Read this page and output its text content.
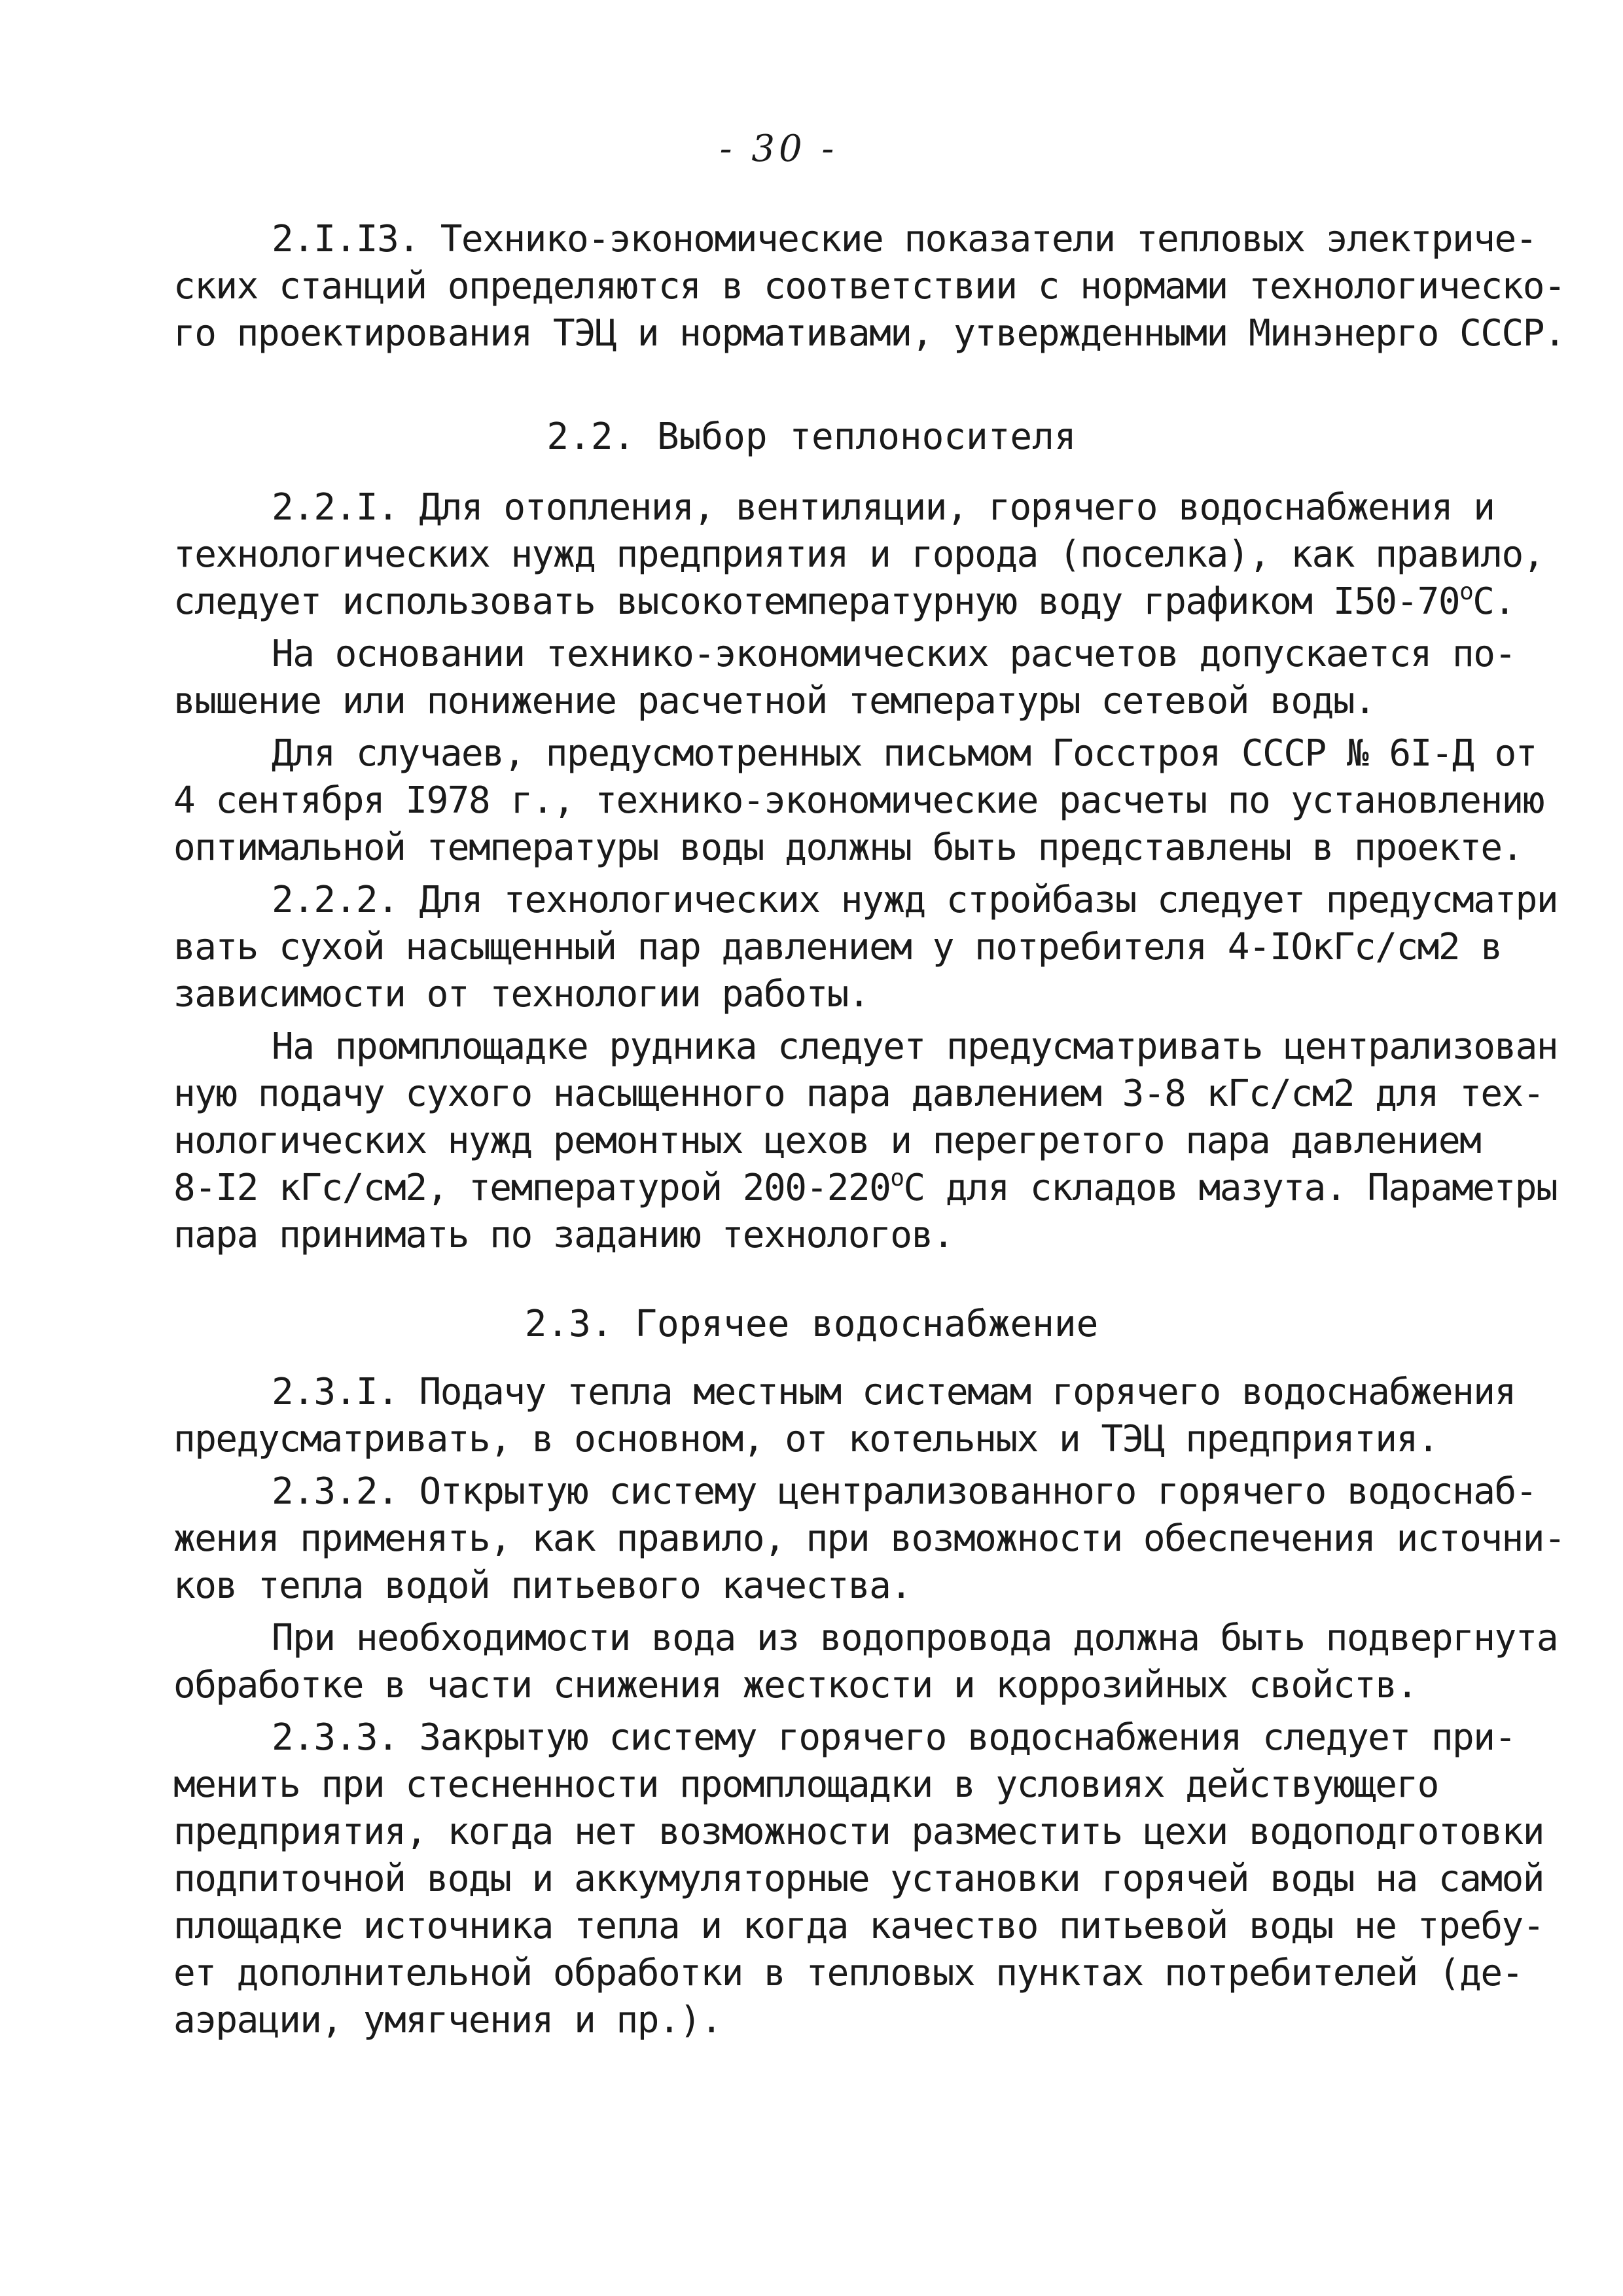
- 30 -
2.I.I3. Технико-экономические показатели тепловых электриче-
ских станций определяются в соответствии с нормами технологическо-
го проектирования ТЭЦ и нормативами, утвержденными Минэнерго СССР.
2.2. Выбор теплоносителя
2.2.I. Для отопления, вентиляции, горячего водоснабжения и
технологических нужд предприятия и города (поселка), как правило,
следует использовать высокотемпературную воду графиком $I50-70^оС$.
На основании технико-экономических расчетов допускается по-
вышение или понижение расчетной температуры сетевой воды.
Для случаев, предусмотренных письмом Госстроя СССР № 6I-Д от
4 сентября I978 г., технико-экономические расчеты по установлению
оптимальной температуры воды должны быть представлены в проекте.
2.2.2. Для технологических нужд стройбазы следует предусматри
вать сухой насыщенный пар давлением у потребителя 4-IOкГс/см2 в
зависимости от технологии работы.
На промплощадке рудника следует предусматривать централизован
ную подачу сухого насыщенного пара давлением 3-8 кГс/см2 для тех-
нологических нужд ремонтных цехов и перегретого пара давлением
8-I2 кГс/см2, температурой $200-220^оС$ для складов мазута. Параметры
пара принимать по заданию технологов.
2.3. Горячее водоснабжение
2.3.I. Подачу тепла местным системам горячего водоснабжения
предусматривать, в основном, от котельных и ТЭЦ предприятия.
2.3.2. Открытую систему централизованного горячего водоснаб-
жения применять, как правило, при возможности обеспечения источни-
ков тепла водой питьевого качества.
При необходимости вода из водопровода должна быть подвергнута
обработке в части снижения жесткости и коррозийных свойств.
2.3.3. Закрытую систему горячего водоснабжения следует при-
менить при стесненности промплощадки в условиях действующего
предприятия, когда нет возможности разместить цехи водоподготовки
подпиточной воды и аккумуляторные установки горячей воды на самой
площадке источника тепла и когда качество питьевой воды не требу-
ет дополнительной обработки в тепловых пунктах потребителей (де-
аэрации, умягчения и пр.).
